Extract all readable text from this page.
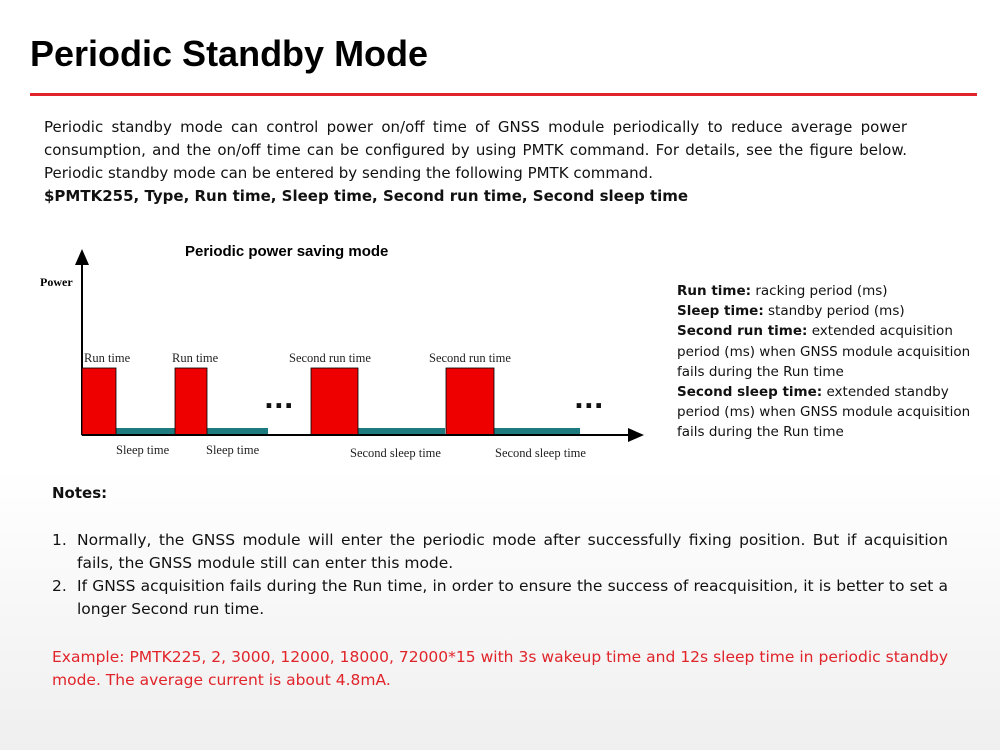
Periodic Standby Mode

Periodic standby mode can control power on/off time of GNSS module periodically to reduce average power consumption, and the on/off time can be configured by using PMTK command. For details, see the figure below. Periodic standby mode can be entered by sending the following PMTK command.

$PMTK255, Type, Run time, Sleep time, Second run time, Second sleep time

Periodic power saving mode
Power
Run time	Run time	Second run time	Second run time
Sleep time	Sleep time	Second sleep time	Second sleep time
...	...

Run time: racking period (ms)

Sleep time: standby period (ms)

Second run time: extended acquisition period (ms) when GNSS module acquisition fails during the Run time

Second sleep time: extended standby period (ms) when GNSS module acquisition fails during the Run time

Notes:

1. Normally, the GNSS module will enter the periodic mode after successfully fixing position. But if acquisition fails, the GNSS module still can enter this mode.
2. If GNSS acquisition fails during the Run time, in order to ensure the success of reacquisition, it is better to set a longer Second run time.

Example: PMTK225, 2, 3000, 12000, 18000, 72000*15 with 3s wakeup time and 12s sleep time in periodic standby mode. The average current is about 4.8mA.
